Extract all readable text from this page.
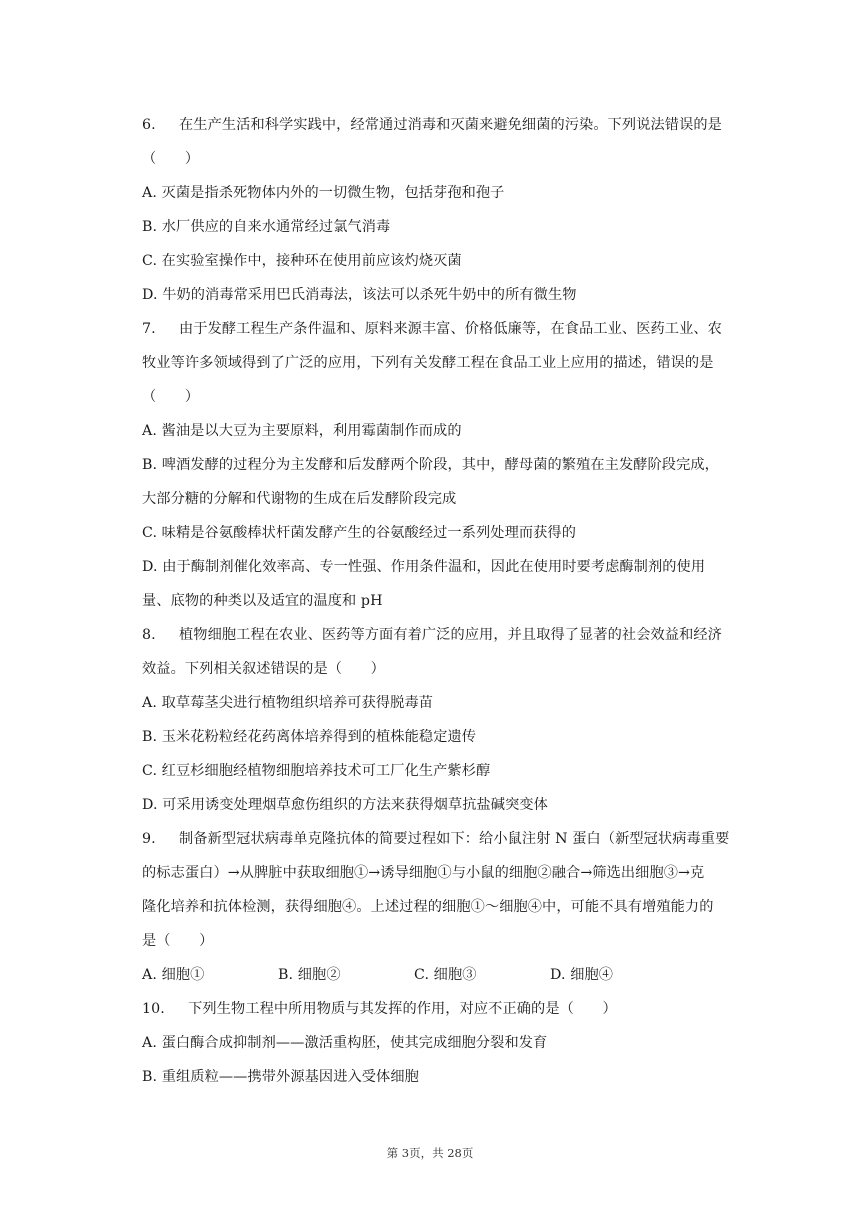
6. 在生产生活和科学实践中，经常通过消毒和灭菌来避免细菌的污染。下列说法错误的是
（　　）
A. 灭菌是指杀死物体内外的一切微生物，包括芽孢和孢子
B. 水厂供应的自来水通常经过氯气消毒
C. 在实验室操作中，接种环在使用前应该灼烧灭菌
D. 牛奶的消毒常采用巴氏消毒法，该法可以杀死牛奶中的所有微生物
7. 由于发酵工程生产条件温和、原料来源丰富、价格低廉等，在食品工业、医药工业、农
牧业等许多领域得到了广泛的应用，下列有关发酵工程在食品工业上应用的描述，错误的是
（　　）
A. 酱油是以大豆为主要原料，利用霉菌制作而成的
B. 啤酒发酵的过程分为主发酵和后发酵两个阶段，其中，酵母菌的繁殖在主发酵阶段完成，
大部分糖的分解和代谢物的生成在后发酵阶段完成
C. 味精是谷氨酸棒状杆菌发酵产生的谷氨酸经过一系列处理而获得的
D. 由于酶制剂催化效率高、专一性强、作用条件温和，因此在使用时要考虑酶制剂的使用
量、底物的种类以及适宜的温度和 pH
8. 植物细胞工程在农业、医药等方面有着广泛的应用，并且取得了显著的社会效益和经济
效益。下列相关叙述错误的是（　　）
A. 取草莓茎尖进行植物组织培养可获得脱毒苗
B. 玉米花粉粒经花药离体培养得到的植株能稳定遗传
C. 红豆杉细胞经植物细胞培养技术可工厂化生产紫杉醇
D. 可采用诱变处理烟草愈伤组织的方法来获得烟草抗盐碱突变体
9. 制备新型冠状病毒单克隆抗体的简要过程如下：给小鼠注射 N 蛋白（新型冠状病毒重要
的标志蛋白）→从脾脏中获取细胞①→诱导细胞①与小鼠的细胞②融合→筛选出细胞③→克
隆化培养和抗体检测，获得细胞④。上述过程的细胞①～细胞④中，可能不具有增殖能力的
是（　　）
A. 细胞①	B. 细胞②	C. 细胞③	D. 细胞④
10. 下列生物工程中所用物质与其发挥的作用，对应不正确的是（　　）
A. 蛋白酶合成抑制剂——激活重构胚，使其完成细胞分裂和发育
B. 重组质粒——携带外源基因进入受体细胞
第 3页，共 28页
